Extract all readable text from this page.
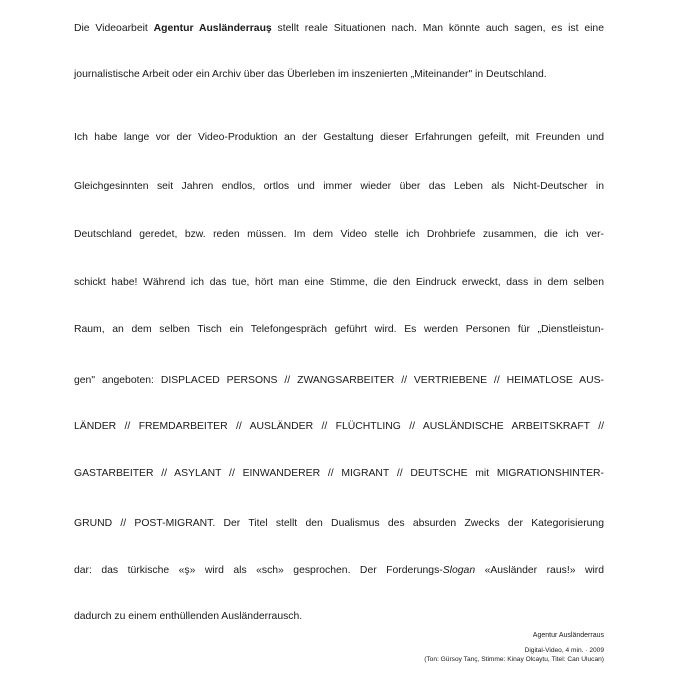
Die Videoarbeit Agentur Ausländerrauş stellt reale Situationen nach. Man könnte auch sagen, es ist eine
journalistische Arbeit oder ein Archiv über das Überleben im inszenierten „Miteinander" in Deutschland.
Ich habe lange vor der Video-Produktion an der Gestaltung dieser Erfahrungen gefeilt, mit Freunden und
Gleichgesinnten seit Jahren endlos, ortlos und immer wieder über das Leben als Nicht-Deutscher in
Deutschland geredet, bzw. reden müssen. Im dem Video stelle ich Drohbriefe zusammen, die ich ver-
schickt habe! Während ich das tue, hört man eine Stimme, die den Eindruck erweckt, dass in dem selben
Raum, an dem selben Tisch ein Telefongespräch geführt wird. Es werden Personen für „Dienstleistun-
gen" angeboten: DISPLACED PERSONS // ZWANGSARBEITER // VERTRIEBENE // HEIMATLOSE AUS-
LÄNDER // FREMDARBEITER // AUSLÄNDER // FLÜCHTLING // AUSLÄNDISCHE ARBEITSKRAFT //
GASTARBEITER // ASYLANT // EINWANDERER // MIGRANT // DEUTSCHE mit MIGRATIONSHINTER-
GRUND // POST-MIGRANT. Der Titel stellt den Dualismus des absurden Zwecks der Kategorisierung
dar: das türkische «ş» wird als «sch» gesprochen. Der Forderungs-Slogan «Ausländer raus!» wird
dadurch zu einem enthüllenden Ausländerrausch.
Agentur Ausländerraus
Digital-Video, 4 min. · 2009
(Ton: Gürsoy Tanç, Stimme: Kinay Olcaytu, Titel: Can Ulucan)
